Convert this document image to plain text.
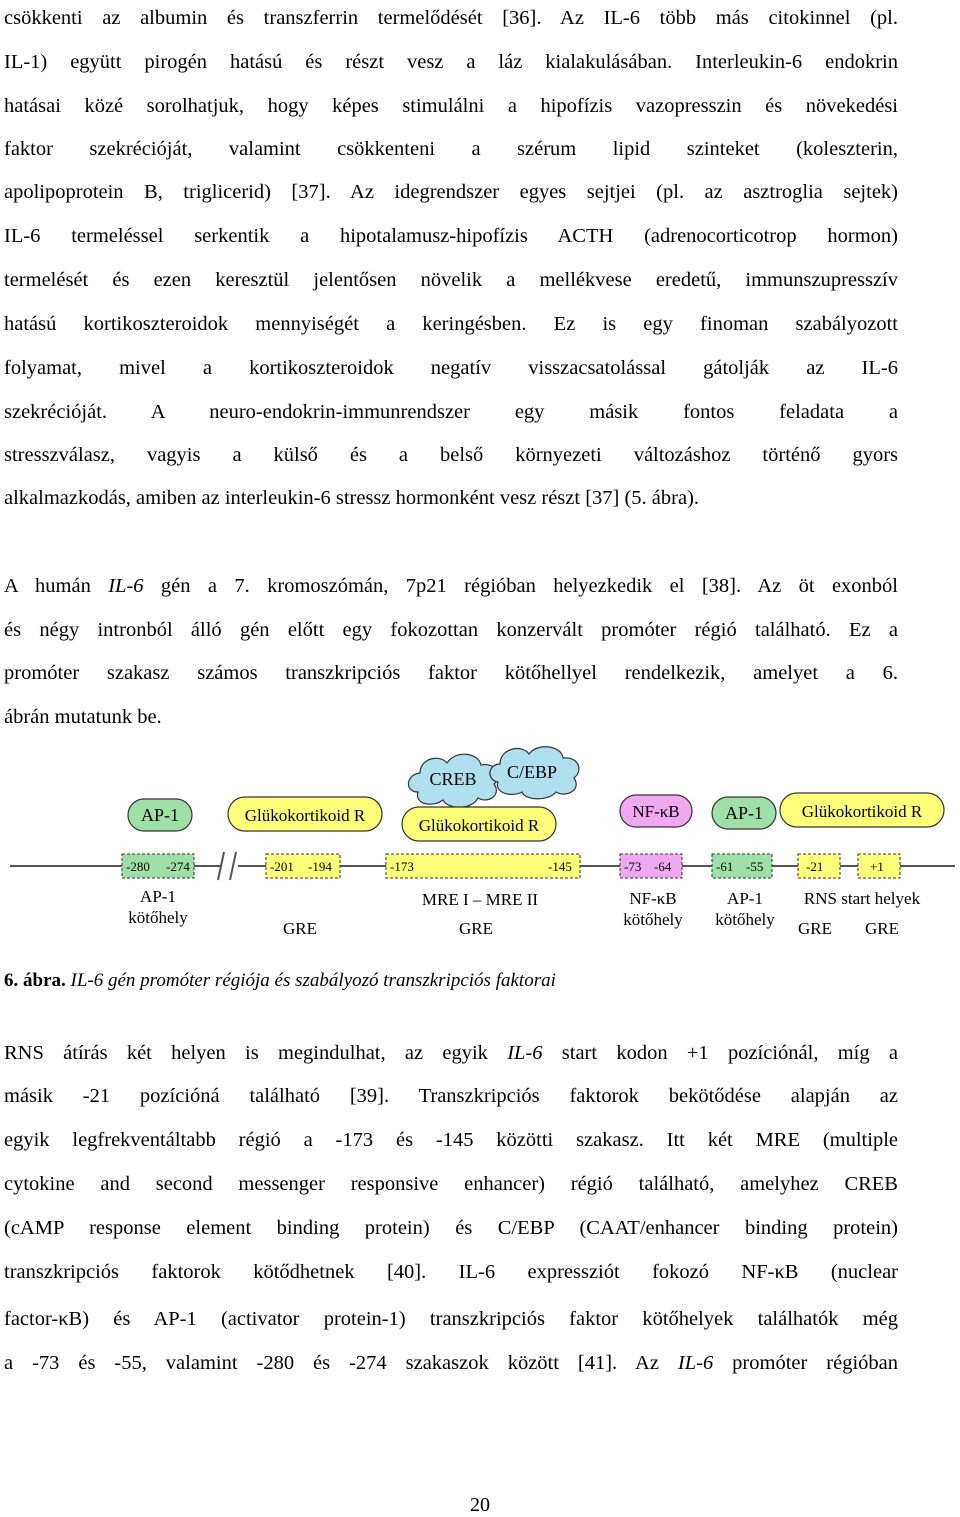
csökkenti az albumin és transzferrin termelődését [36]. Az IL-6 több más citokinnel (pl.
IL-1) együtt pirogén hatású és részt vesz a láz kialakulásában. Interleukin-6 endokrin
hatásai közé sorolhatjuk, hogy képes stimulálni a hipofízis vazopresszin és növekedési
faktor szekrécióját, valamint csökkenteni a szérum lipid szinteket (koleszterin,
apolipoprotein B, triglicerid) [37]. Az idegrendszer egyes sejtjei (pl. az asztroglia sejtek)
IL-6 termeléssel serkentik a hipotalamusz-hipofízis ACTH (adrenocorticotrop hormon)
termelését és ezen keresztül jelentősen növelik a mellékvese eredetű, immunszupresszív
hatású kortikoszteroidok mennyiségét a keringésben. Ez is egy finoman szabályozott
folyamat, mivel a kortikoszteroidok negatív visszacsatolással gátolják az IL-6
szekrécióját. A neuro-endokrin-immunrendszer egy másik fontos feladata a
stresszválasz, vagyis a külső és a belső környezeti változáshoz történő gyors
alkalmazkodás, amiben az interleukin-6 stressz hormonként vesz részt [37] (5. ábra).
A humán IL-6 gén a 7. kromoszómán, 7p21 régióban helyezkedik el [38]. Az öt exonból
és négy intronból álló gén előtt egy fokozottan konzervált promóter régió található. Ez a
promóter szakasz számos transzkripciós faktor kötőhellyel rendelkezik, amelyet a 6.
ábrán mutatunk be.
CREB C/EBP
AP-1	Glükokortikoid R
Glükokortikoid R
NF-κB	AP-1 Glükokortikoid R
-280 -274	-201 -194	-173	-145	-73 -64	-61 -55	-21	+1
AP-1
kötőhely
GRE
MRE I – MRE II
GRE
NF-κB
kötőhely
AP-1
kötőhely
RNS start helyek
GRE GRE
6. ábra. IL-6 gén promóter régiója és szabályozó transzkripciós faktorai
RNS átírás két helyen is megindulhat, az egyik IL-6 start kodon +1 pozíciónál, míg a
másik -21 pozícióná található [39]. Transzkripciós faktorok bekötődése alapján az
egyik legfrekventáltabb régió a -173 és -145 közötti szakasz. Itt két MRE (multiple
cytokine and second messenger responsive enhancer) régió található, amelyhez CREB
(cAMP response element binding protein) és C/EBP (CAAT/enhancer binding protein)
transzkripciós faktorok kötődhetnek [40]. IL-6 expressziót fokozó NF-κB (nuclear
factor-κB) és AP-1 (activator protein-1) transzkripciós faktor kötőhelyek találhatók még
a -73 és -55, valamint -280 és -274 szakaszok között [41]. Az IL-6 promóter régióban
20
